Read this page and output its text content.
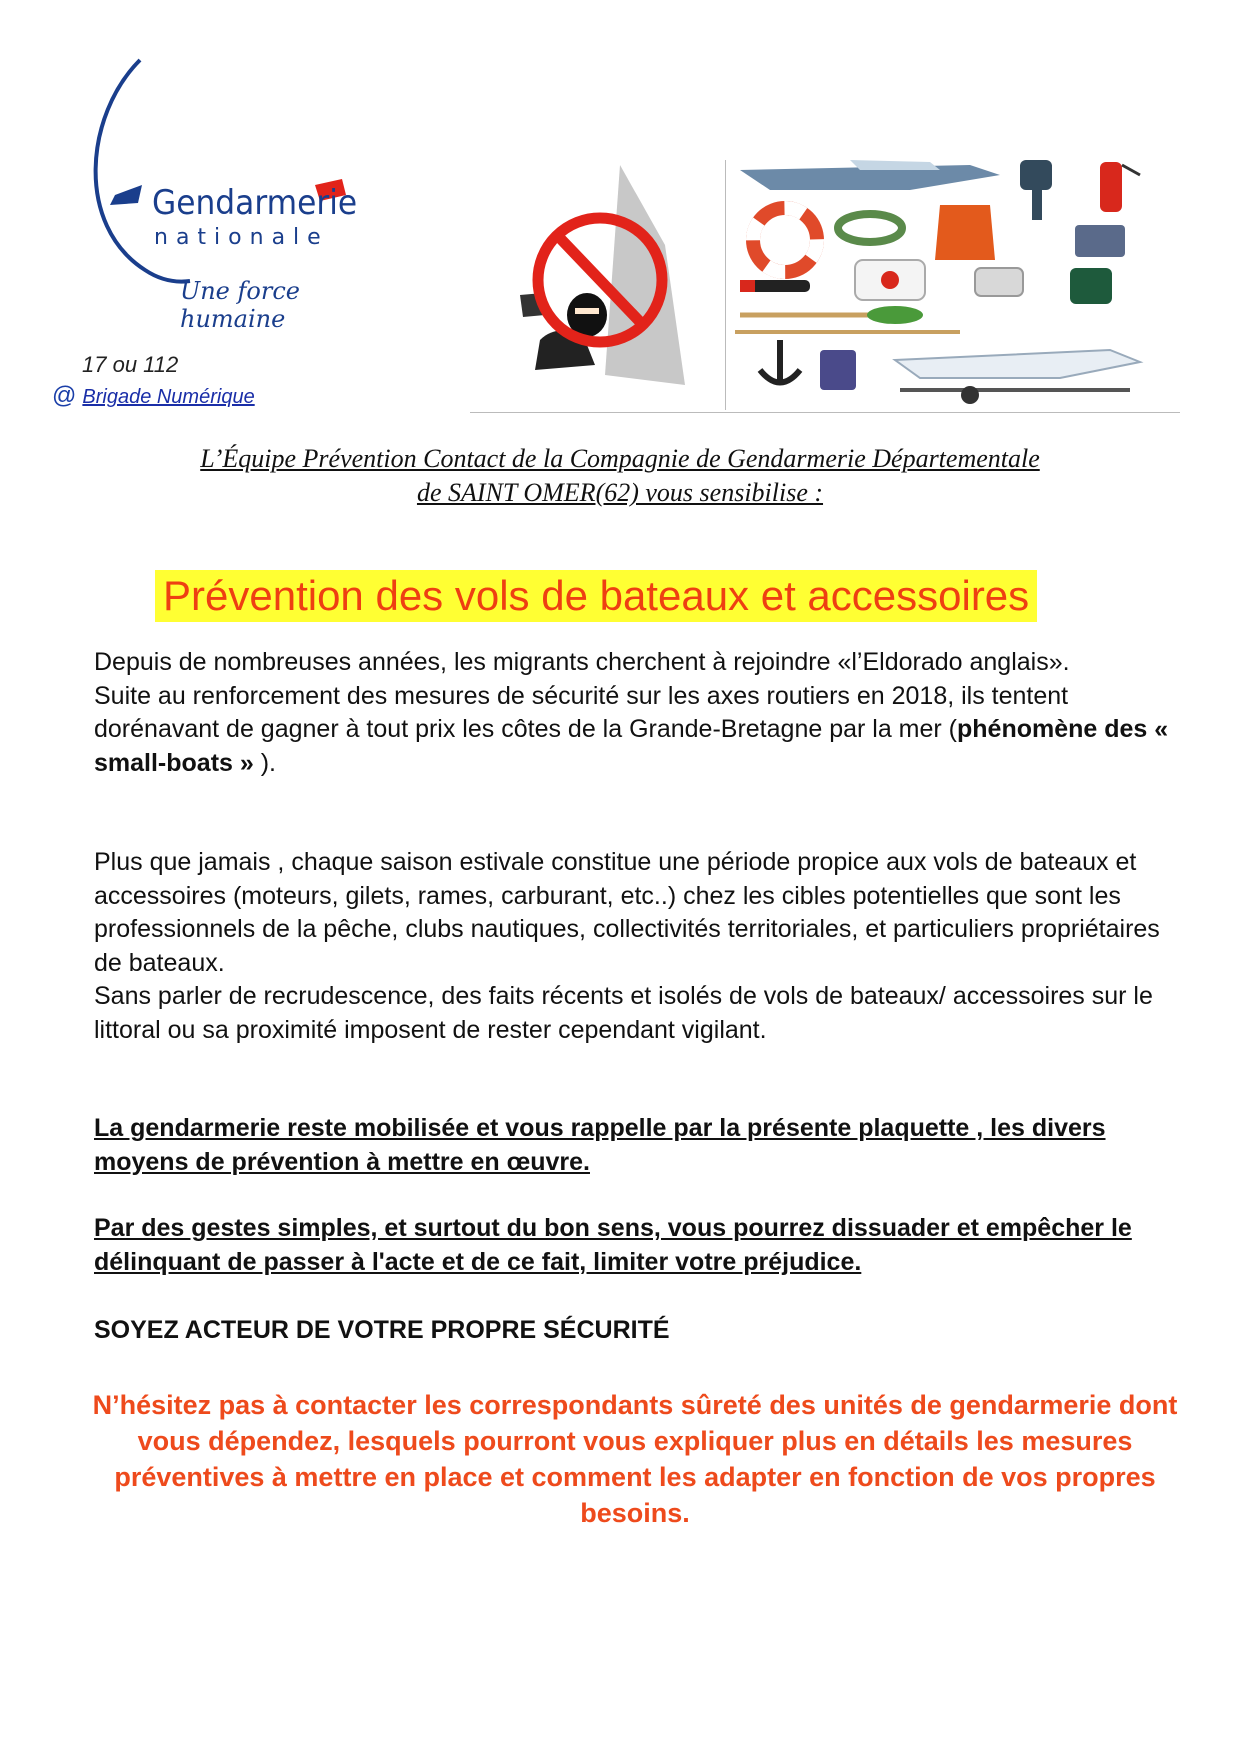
Gendarmerie
nationale
Une force humaine
17 ou 112
@ Brigade Numérique
L’Équipe Prévention Contact de la Compagnie de Gendarmerie Départementale
de SAINT OMER(62) vous sensibilise :
Prévention des vols de bateaux et accessoires

Depuis de nombreuses années, les migrants cherchent à rejoindre «l’Eldorado anglais».
Suite au renforcement des mesures de sécurité sur les axes routiers en 2018, ils tentent dorénavant de gagner à tout prix les côtes de la Grande-Bretagne par la mer (phénomène des « small-boats » ).

Plus que jamais , chaque saison estivale constitue une période propice aux vols de bateaux et accessoires (moteurs, gilets, rames, carburant, etc..) chez les cibles potentielles que sont les professionnels de la pêche, clubs nautiques, collectivités territoriales, et particuliers propriétaires de bateaux.
Sans parler de recrudescence, des faits récents et isolés de vols de bateaux/ accessoires sur le littoral ou sa proximité imposent de rester cependant vigilant.

La gendarmerie reste mobilisée et vous rappelle par la présente plaquette , les divers moyens de prévention à mettre en œuvre.

Par des gestes simples, et surtout du bon sens, vous pourrez dissuader et empêcher le délinquant de passer à l'acte et de ce fait, limiter votre préjudice.

SOYEZ ACTEUR DE VOTRE PROPRE SÉCURITÉ
N’hésitez pas à contacter les correspondants sûreté des unités de gendarmerie dont vous dépendez, lesquels pourront vous expliquer plus en détails les mesures préventives à mettre en place et comment les adapter en fonction de vos propres besoins.
